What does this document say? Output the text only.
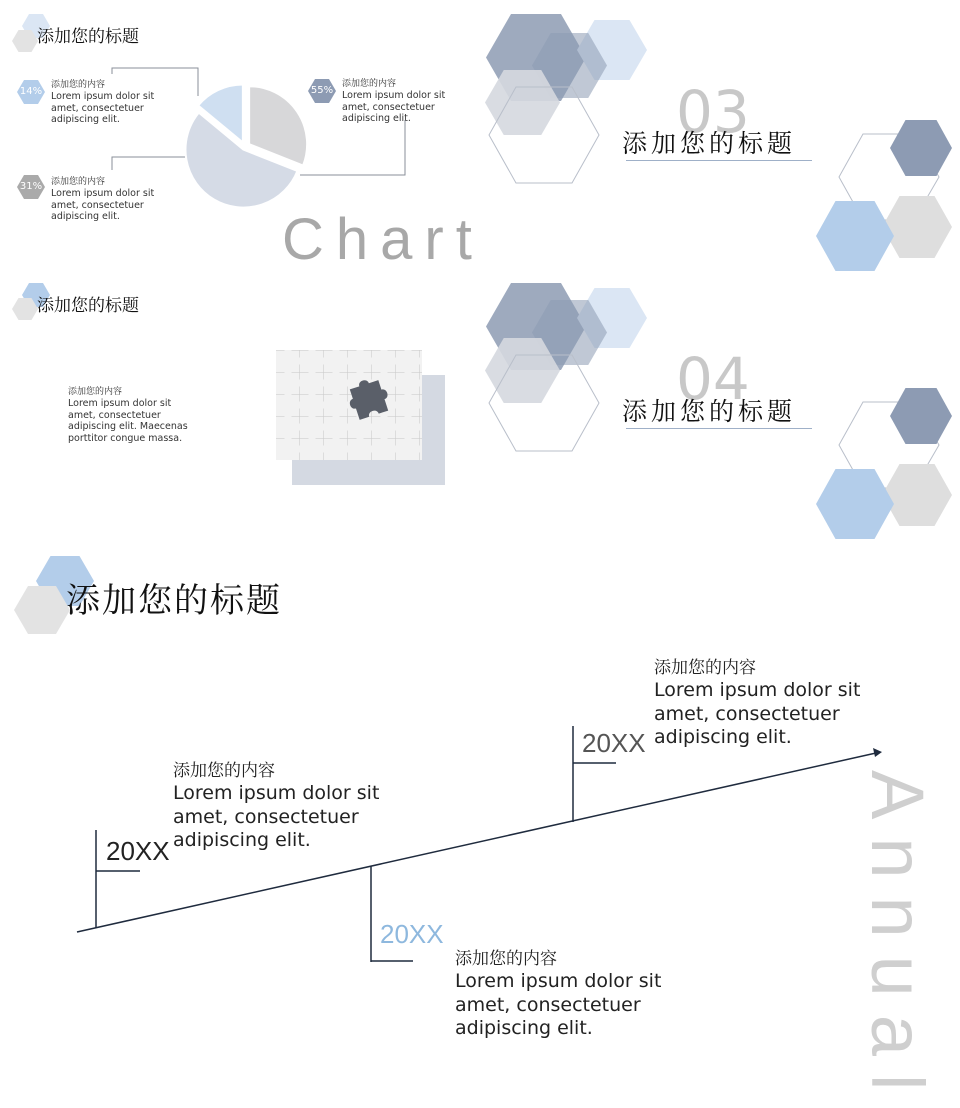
添加您的标题
14%
添加您的内容
Lorem ipsum dolor sit amet, consectetuer adipiscing elit.
31% 添加您的内容
Lorem ipsum dolor sit amet, consectetuer adipiscing elit.
55%
添加您的内容
Lorem ipsum dolor sit amet, consectetuer adipiscing elit.
Chart
03
添加您的标题
添加您的标题
添加您的内容
Lorem ipsum dolor sit amet, consectetuer adipiscing elit. Maecenas porttitor congue massa.
04
添加您的标题
添加您的标题
20XX
添加您的内容
Lorem ipsum dolor sit amet, consectetuer adipiscing elit.
20XX
添加您的内容
Lorem ipsum dolor sit amet, consectetuer adipiscing elit.
20XX
添加您的内容
Lorem ipsum dolor sit amet, consectetuer adipiscing elit.
Annual
